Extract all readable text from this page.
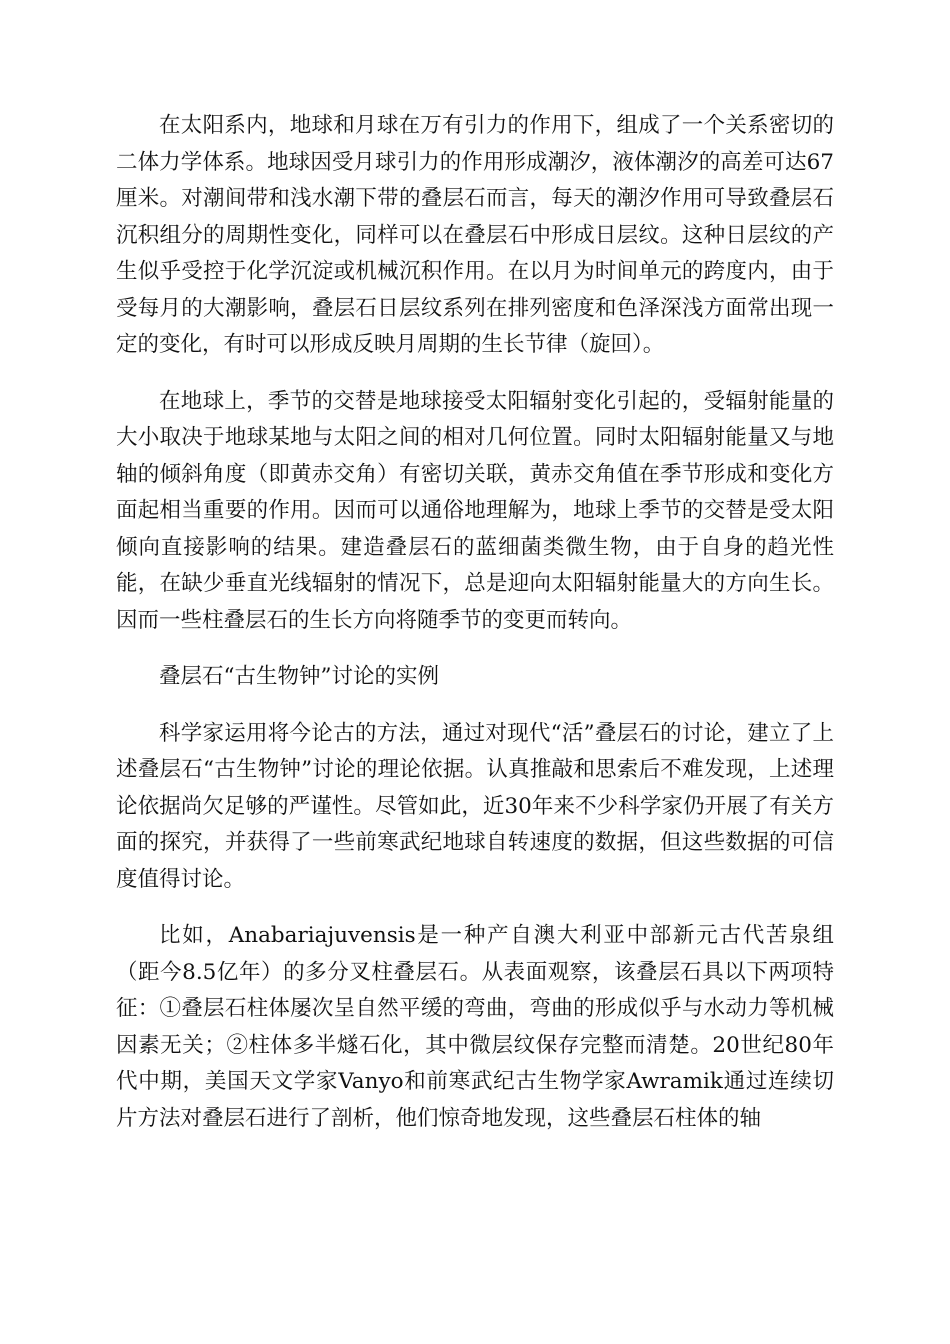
在太阳系内，地球和月球在万有引力的作用下，组成了一个关系密切的二体力学体系。地球因受月球引力的作用形成潮汐，液体潮汐的高差可达67厘米。对潮间带和浅水潮下带的叠层石而言，每天的潮汐作用可导致叠层石沉积组分的周期性变化，同样可以在叠层石中形成日层纹。这种日层纹的产生似乎受控于化学沉淀或机械沉积作用。在以月为时间单元的跨度内，由于受每月的大潮影响，叠层石日层纹系列在排列密度和色泽深浅方面常出现一定的变化，有时可以形成反映月周期的生长节律（旋回）。

在地球上，季节的交替是地球接受太阳辐射变化引起的，受辐射能量的大小取决于地球某地与太阳之间的相对几何位置。同时太阳辐射能量又与地轴的倾斜角度（即黄赤交角）有密切关联，黄赤交角值在季节形成和变化方面起相当重要的作用。因而可以通俗地理解为，地球上季节的交替是受太阳倾向直接影响的结果。建造叠层石的蓝细菌类微生物，由于自身的趋光性能，在缺少垂直光线辐射的情况下，总是迎向太阳辐射能量大的方向生长。因而一些柱叠层石的生长方向将随季节的变更而转向。

叠层石“古生物钟”讨论的实例

科学家运用将今论古的方法，通过对现代“活”叠层石的讨论，建立了上述叠层石“古生物钟”讨论的理论依据。认真推敲和思索后不难发现，上述理论依据尚欠足够的严谨性。尽管如此，近30年来不少科学家仍开展了有关方面的探究，并获得了一些前寒武纪地球自转速度的数据，但这些数据的可信度值得讨论。

比如，Anabariajuvensis是一种产自澳大利亚中部新元古代苦泉组（距今8.5亿年）的多分叉柱叠层石。从表面观察，该叠层石具以下两项特征：①叠层石柱体屡次呈自然平缓的弯曲，弯曲的形成似乎与水动力等机械因素无关；②柱体多半燧石化，其中微层纹保存完整而清楚。20世纪80年代中期，美国天文学家Vanyo和前寒武纪古生物学家Awramik通过连续切片方法对叠层石进行了剖析，他们惊奇地发现，这些叠层石柱体的轴
